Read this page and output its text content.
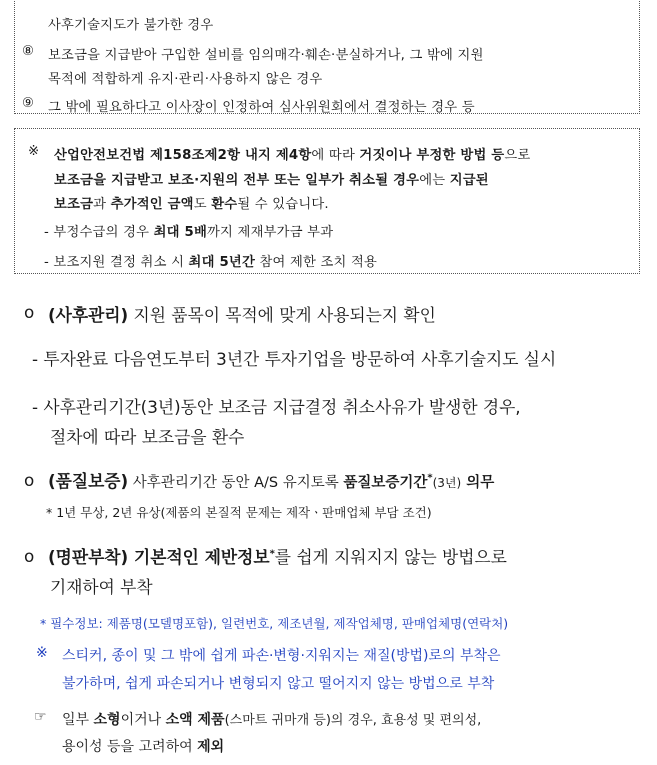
사후기술지도가 불가한 경우
⑧ 보조금을 지급받아 구입한 설비를 임의매각·훼손·분실하거나, 그 밖에 지원
목적에 적합하게 유지·관리·사용하지 않은 경우
⑨ 그 밖에 필요하다고 이사장이 인정하여 심사위원회에서 결정하는 경우 등
※ 산업안전보건법 제158조제2항 내지 제4항에 따라 거짓이나 부정한 방법 등으로
보조금을 지급받고 보조·지원의 전부 또는 일부가 취소될 경우에는 지급된
보조금과 추가적인 금액도 환수될 수 있습니다.
- 부정수급의 경우 최대 5배까지 제재부가금 부과
- 보조지원 결정 취소 시 최대 5년간 참여 제한 조치 적용
o (사후관리) 지원 품목이 목적에 맞게 사용되는지 확인
- 투자완료 다음연도부터 3년간 투자기업을 방문하여 사후기술지도 실시
- 사후관리기간(3년)동안 보조금 지급결정 취소사유가 발생한 경우,
절차에 따라 보조금을 환수
o (품질보증) 사후관리기간 동안 A/S 유지토록 품질보증기간*(3년) 의무
* 1년 무상, 2년 유상(제품의 본질적 문제는 제작ㆍ판매업체 부담 조건)
o (명판부착) 기본적인 제반정보*를 쉽게 지워지지 않는 방법으로
기재하여 부착
* 필수정보: 제품명(모델명포함), 일련번호, 제조년월, 제작업체명, 판매업체명(연락처)
※ 스티커, 종이 및 그 밖에 쉽게 파손·변형·지워지는 재질(방법)로의 부착은
불가하며, 쉽게 파손되거나 변형되지 않고 떨어지지 않는 방법으로 부착
☞ 일부 소형이거나 소액 제품(스마트 귀마개 등)의 경우, 효용성 및 편의성,
용이성 등을 고려하여 제외
